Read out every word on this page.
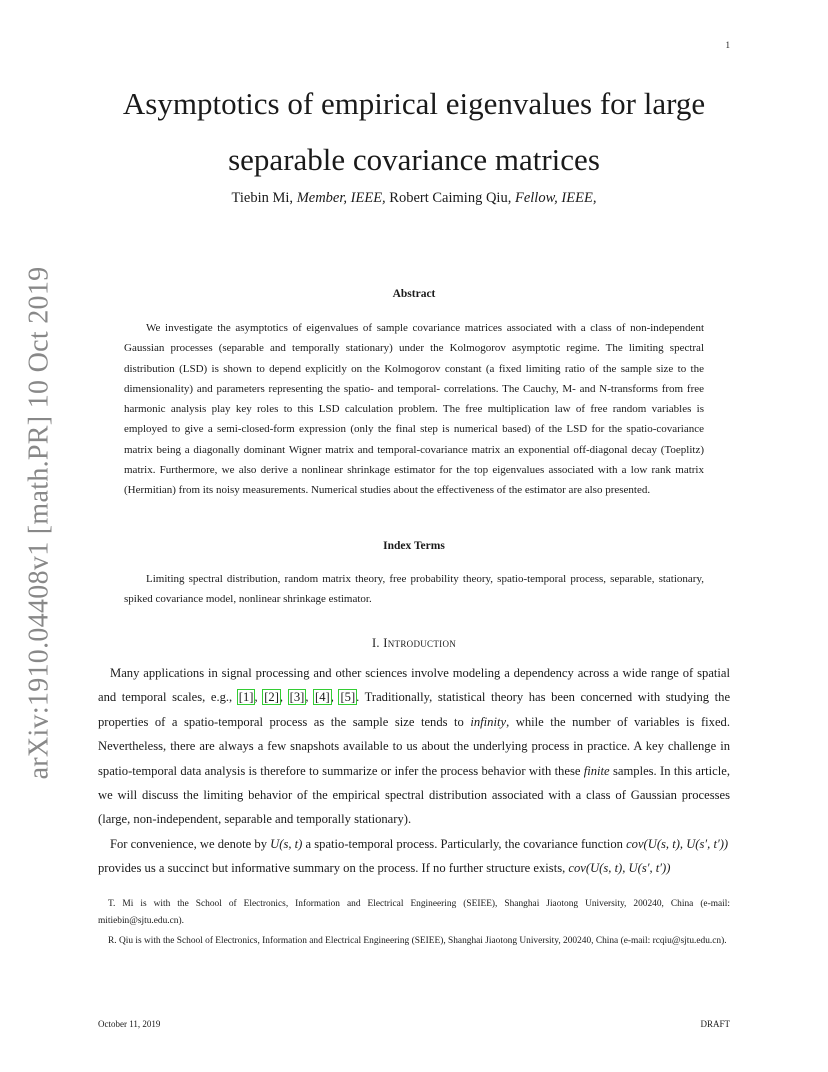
1
arXiv:1910.04408v1 [math.PR] 10 Oct 2019
Asymptotics of empirical eigenvalues for large
separable covariance matrices
Tiebin Mi, Member, IEEE, Robert Caiming Qiu, Fellow, IEEE,
Abstract
We investigate the asymptotics of eigenvalues of sample covariance matrices associated with a class of non-independent Gaussian processes (separable and temporally stationary) under the Kolmogorov asymptotic regime. The limiting spectral distribution (LSD) is shown to depend explicitly on the Kolmogorov constant (a fixed limiting ratio of the sample size to the dimensionality) and parameters representing the spatio- and temporal- correlations. The Cauchy, M- and N-transforms from free harmonic analysis play key roles to this LSD calculation problem. The free multiplication law of free random variables is employed to give a semi-closed-form expression (only the final step is numerical based) of the LSD for the spatio-covariance matrix being a diagonally dominant Wigner matrix and temporal-covariance matrix an exponential off-diagonal decay (Toeplitz) matrix. Furthermore, we also derive a nonlinear shrinkage estimator for the top eigenvalues associated with a low rank matrix (Hermitian) from its noisy measurements. Numerical studies about the effectiveness of the estimator are also presented.
Index Terms
Limiting spectral distribution, random matrix theory, free probability theory, spatio-temporal process, separable, stationary, spiked covariance model, nonlinear shrinkage estimator.
I. Introduction
Many applications in signal processing and other sciences involve modeling a dependency across a wide range of spatial and temporal scales, e.g., [1], [2], [3], [4], [5]. Traditionally, statistical theory has been concerned with studying the properties of a spatio-temporal process as the sample size tends to infinity, while the number of variables is fixed. Nevertheless, there are always a few snapshots available to us about the underlying process in practice. A key challenge in spatio-temporal data analysis is therefore to summarize or infer the process behavior with these finite samples. In this article, we will discuss the limiting behavior of the empirical spectral distribution associated with a class of Gaussian processes (large, non-independent, separable and temporally stationary).
For convenience, we denote by U(s, t) a spatio-temporal process. Particularly, the covariance function cov(U(s, t), U(s′, t′))
provides us a succinct but informative summary on the process. If no further structure exists, cov(U(s, t), U(s′, t′))
T. Mi is with the School of Electronics, Information and Electrical Engineering (SEIEE), Shanghai Jiaotong University, 200240, China (e-mail: mitiebin@sjtu.edu.cn).
R. Qiu is with the School of Electronics, Information and Electrical Engineering (SEIEE), Shanghai Jiaotong University, 200240, China (e-mail: rcqiu@sjtu.edu.cn).
October 11, 2019	DRAFT
